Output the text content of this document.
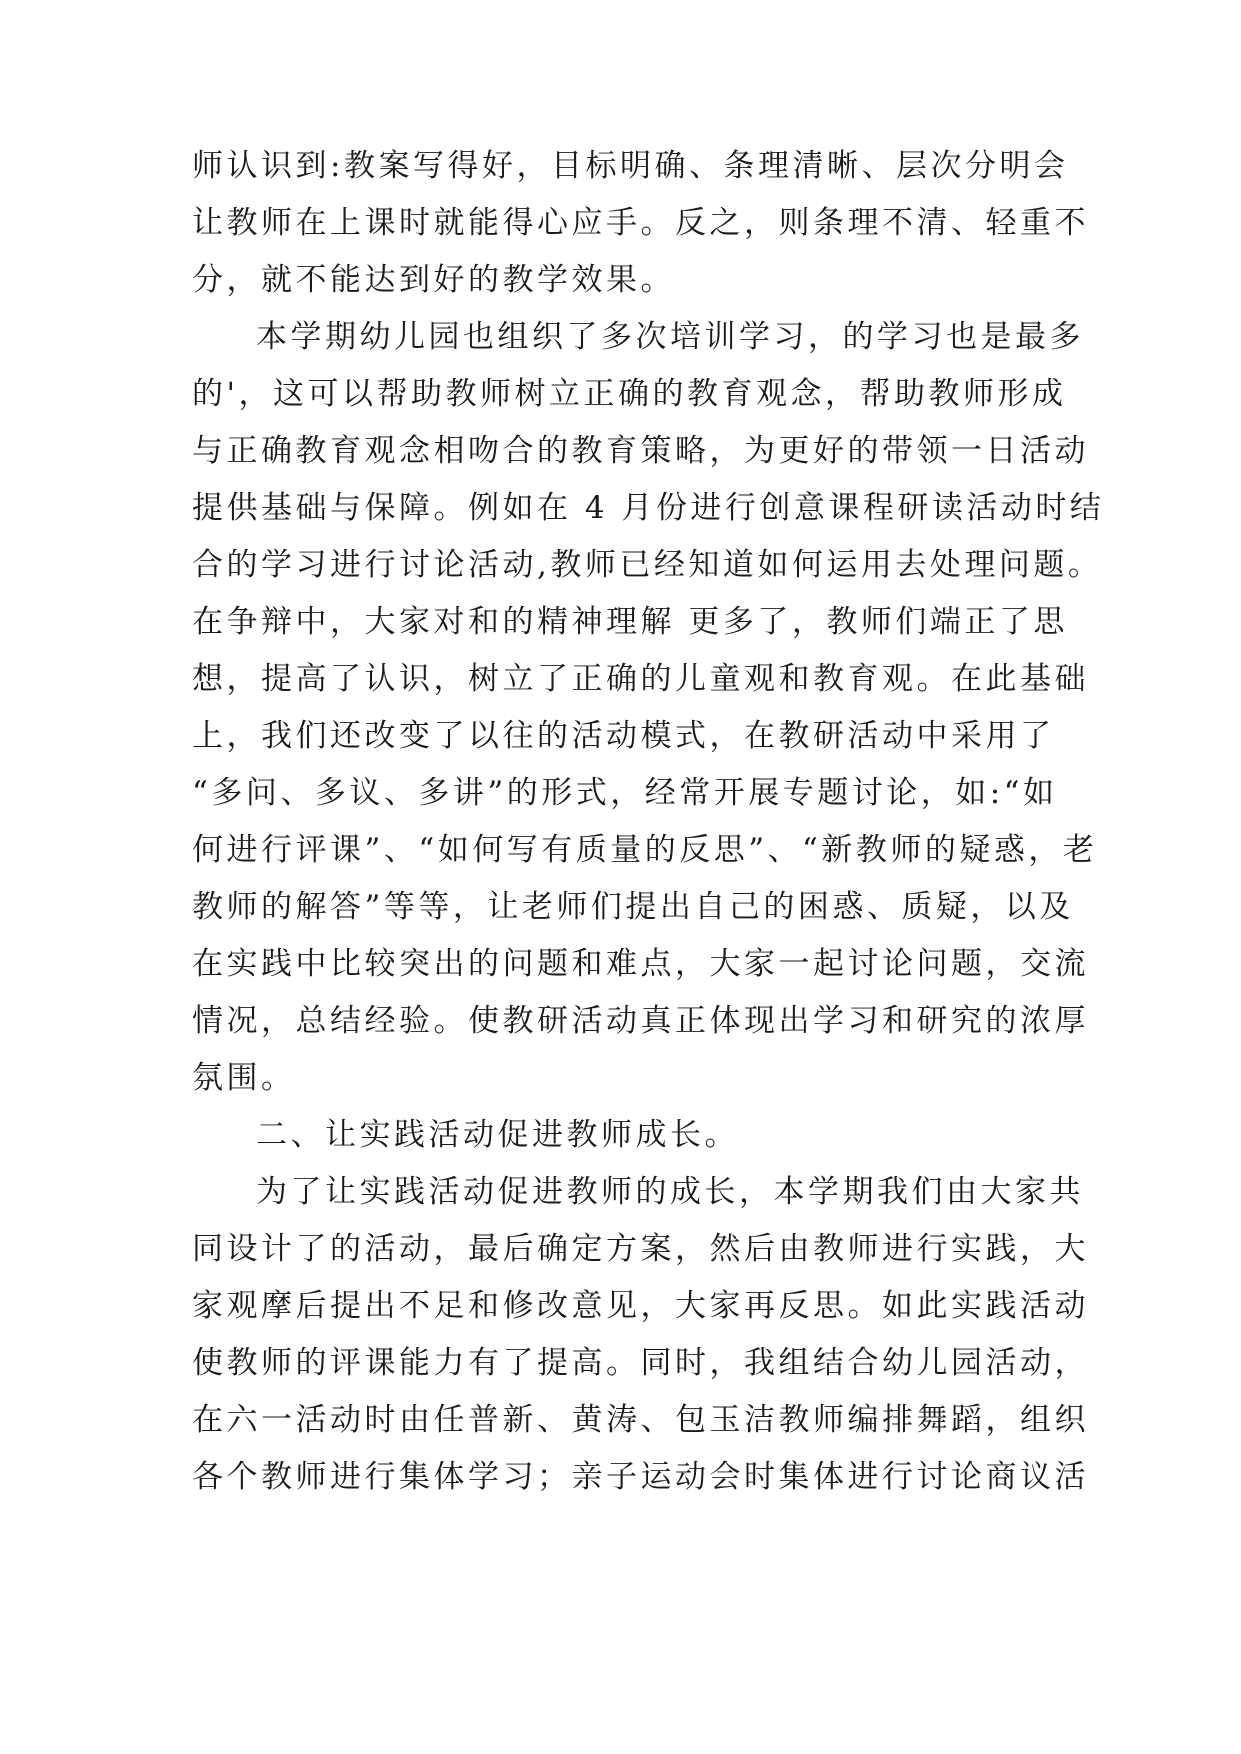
师认识到:教案写得好，目标明确、条理清晰、层次分明会
让教师在上课时就能得心应手。反之，则条理不清、轻重不
分，就不能达到好的教学效果。
本学期幼儿园也组织了多次培训学习，的学习也是最多
的'，这可以帮助教师树立正确的教育观念，帮助教师形成
与正确教育观念相吻合的教育策略，为更好的带领一日活动
提供基础与保障。例如在 4 月份进行创意课程研读活动时结
合的学习进行讨论活动,教师已经知道如何运用去处理问题。
在争辩中，大家对和的精神理解 更多了，教师们端正了思
想，提高了认识，树立了正确的儿童观和教育观。在此基础
上，我们还改变了以往的活动模式，在教研活动中采用了
“多问、多议、多讲”的形式，经常开展专题讨论，如:“如
何进行评课”、“如何写有质量的反思”、“新教师的疑惑，老
教师的解答”等等，让老师们提出自己的困惑、质疑，以及
在实践中比较突出的问题和难点，大家一起讨论问题，交流
情况，总结经验。使教研活动真正体现出学习和研究的浓厚
氛围。
二、让实践活动促进教师成长。
为了让实践活动促进教师的成长，本学期我们由大家共
同设计了的活动，最后确定方案，然后由教师进行实践，大
家观摩后提出不足和修改意见，大家再反思。如此实践活动
使教师的评课能力有了提高。同时，我组结合幼儿园活动，
在六一活动时由任普新、黄涛、包玉洁教师编排舞蹈，组织
各个教师进行集体学习；亲子运动会时集体进行讨论商议活
